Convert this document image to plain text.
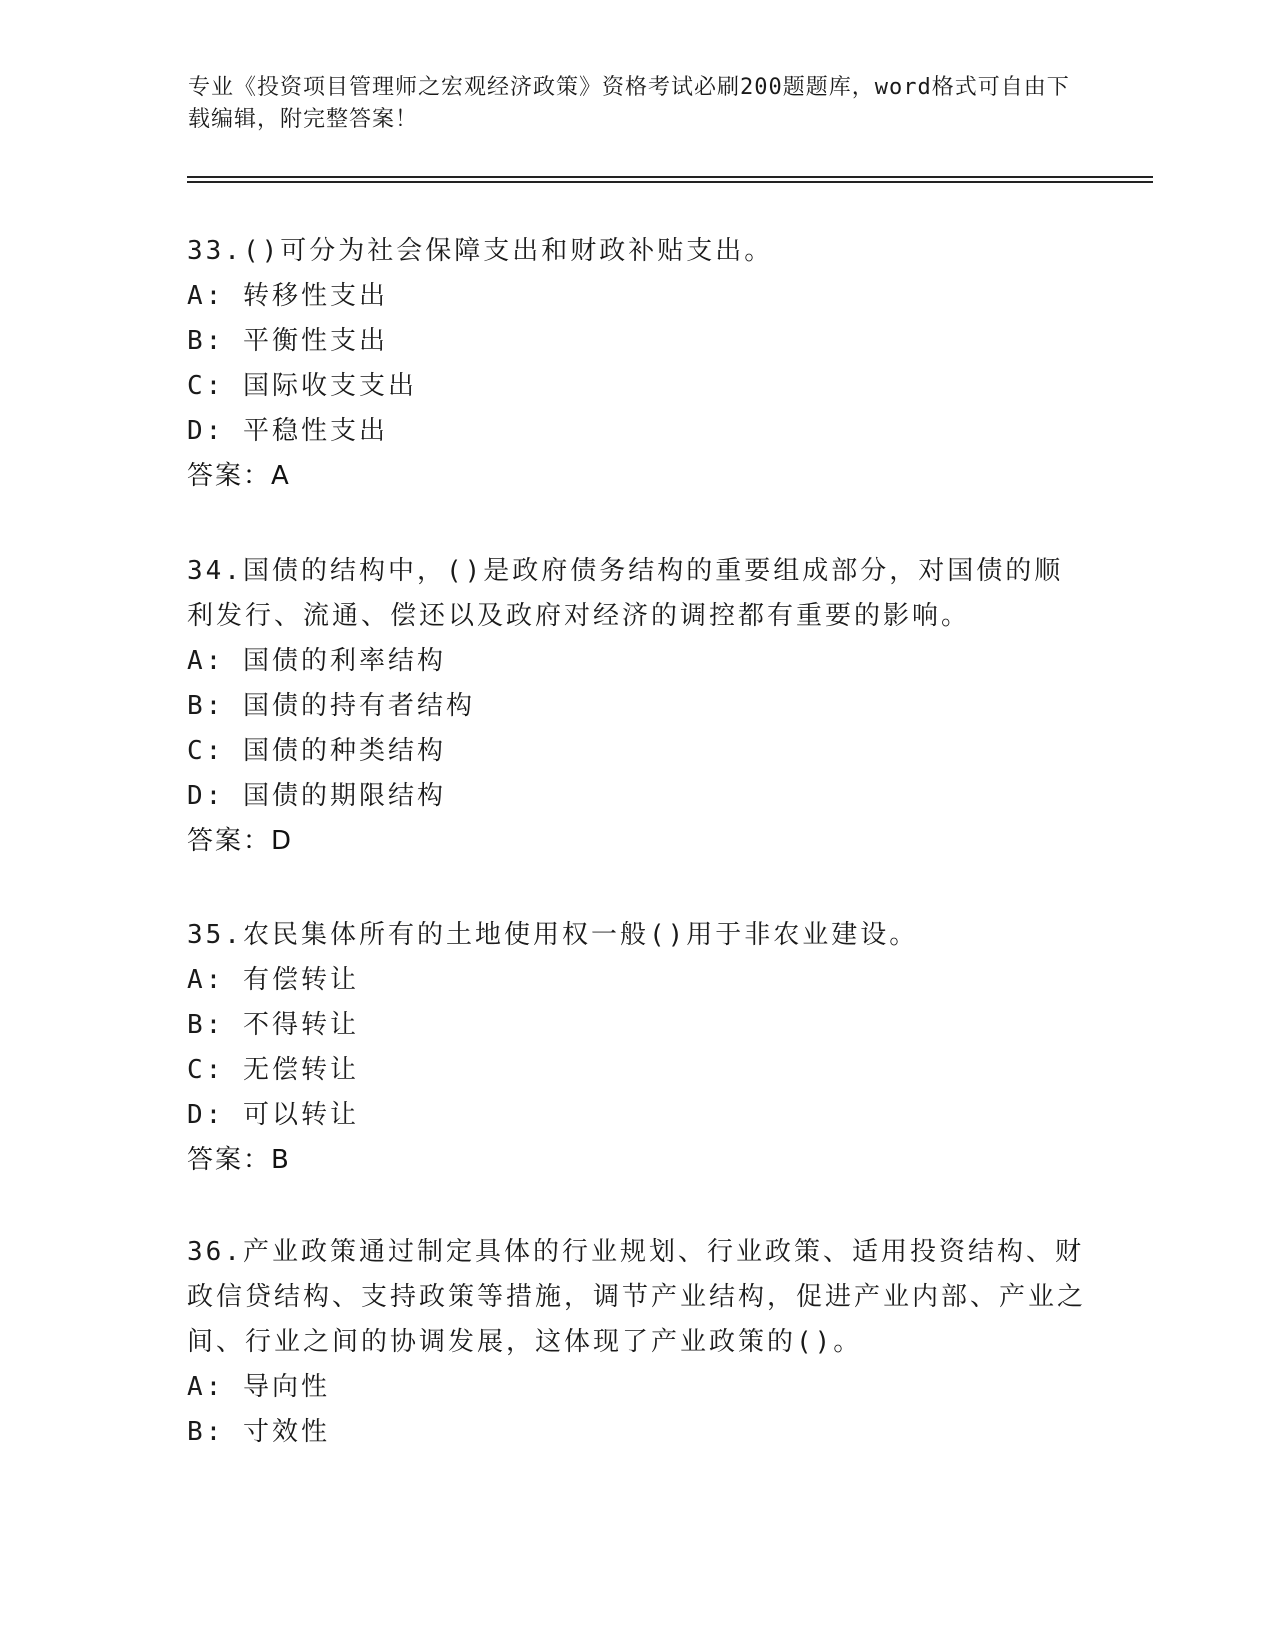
专业《投资项目管理师之宏观经济政策》资格考试必刷200题题库，word格式可自由下载编辑，附完整答案！
33.()可分为社会保障支出和财政补贴支出。
A: 转移性支出
B: 平衡性支出
C: 国际收支支出
D: 平稳性支出
答案：A
34.国债的结构中，()是政府债务结构的重要组成部分，对国债的顺利发行、流通、偿还以及政府对经济的调控都有重要的影响。
A: 国债的利率结构
B: 国债的持有者结构
C: 国债的种类结构
D: 国债的期限结构
答案：D
35.农民集体所有的土地使用权一般()用于非农业建设。
A: 有偿转让
B: 不得转让
C: 无偿转让
D: 可以转让
答案：B
36.产业政策通过制定具体的行业规划、行业政策、适用投资结构、财政信贷结构、支持政策等措施，调节产业结构，促进产业内部、产业之间、行业之间的协调发展，这体现了产业政策的()。
A: 导向性
B: 寸效性
